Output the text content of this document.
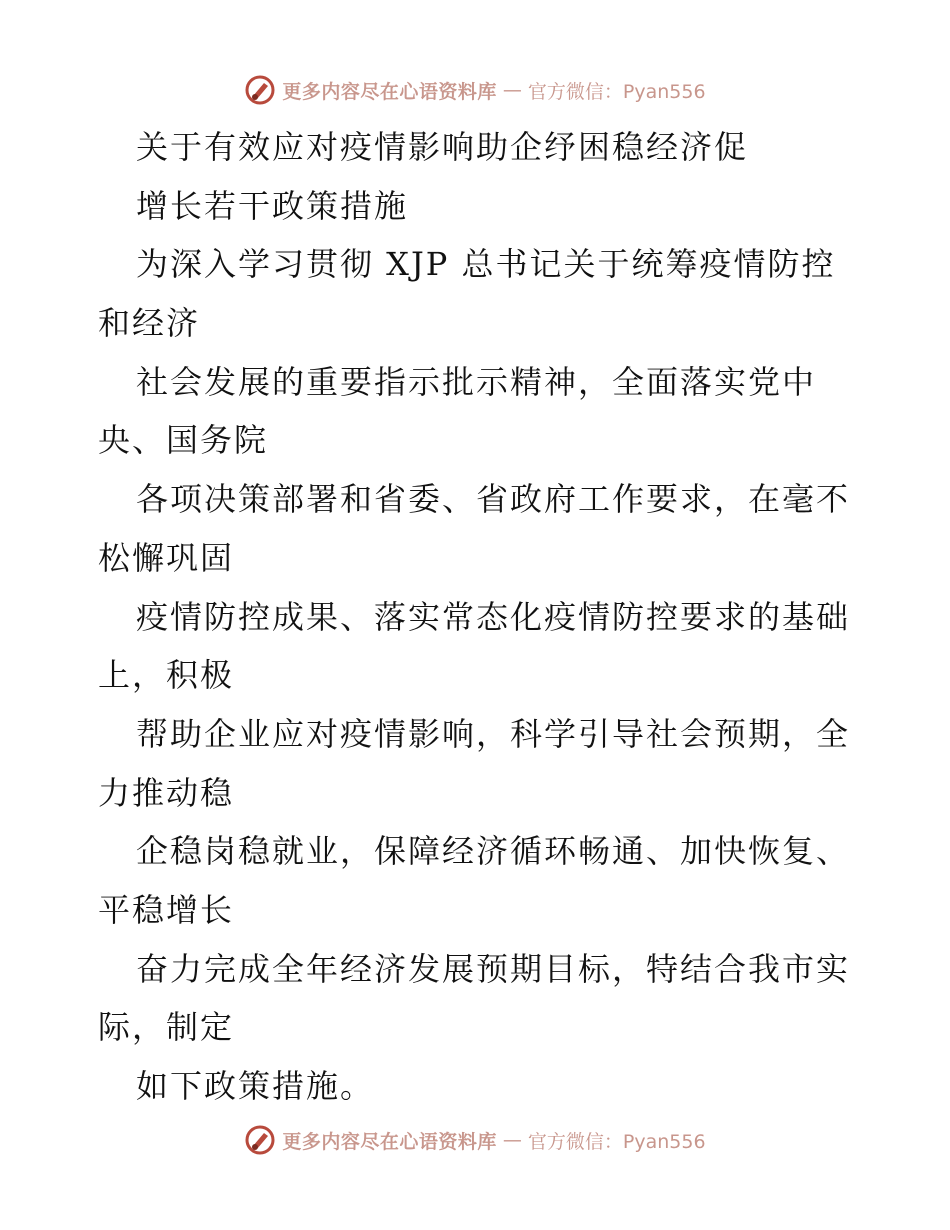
更多内容尽在心语资料库 — 官方微信：Pyan556
关于有效应对疫情影响助企纾困稳经济促
增长若干政策措施
为深入学习贯彻 XJP 总书记关于统筹疫情防控
和经济
社会发展的重要指示批示精神，全面落实党中
央、国务院
各项决策部署和省委、省政府工作要求，在毫不
松懈巩固
疫情防控成果、落实常态化疫情防控要求的基础
上，积极
帮助企业应对疫情影响，科学引导社会预期，全
力推动稳
企稳岗稳就业，保障经济循环畅通、加快恢复、
平稳增长
奋力完成全年经济发展预期目标，特结合我市实
际，制定
如下政策措施。
更多内容尽在心语资料库 — 官方微信：Pyan556
